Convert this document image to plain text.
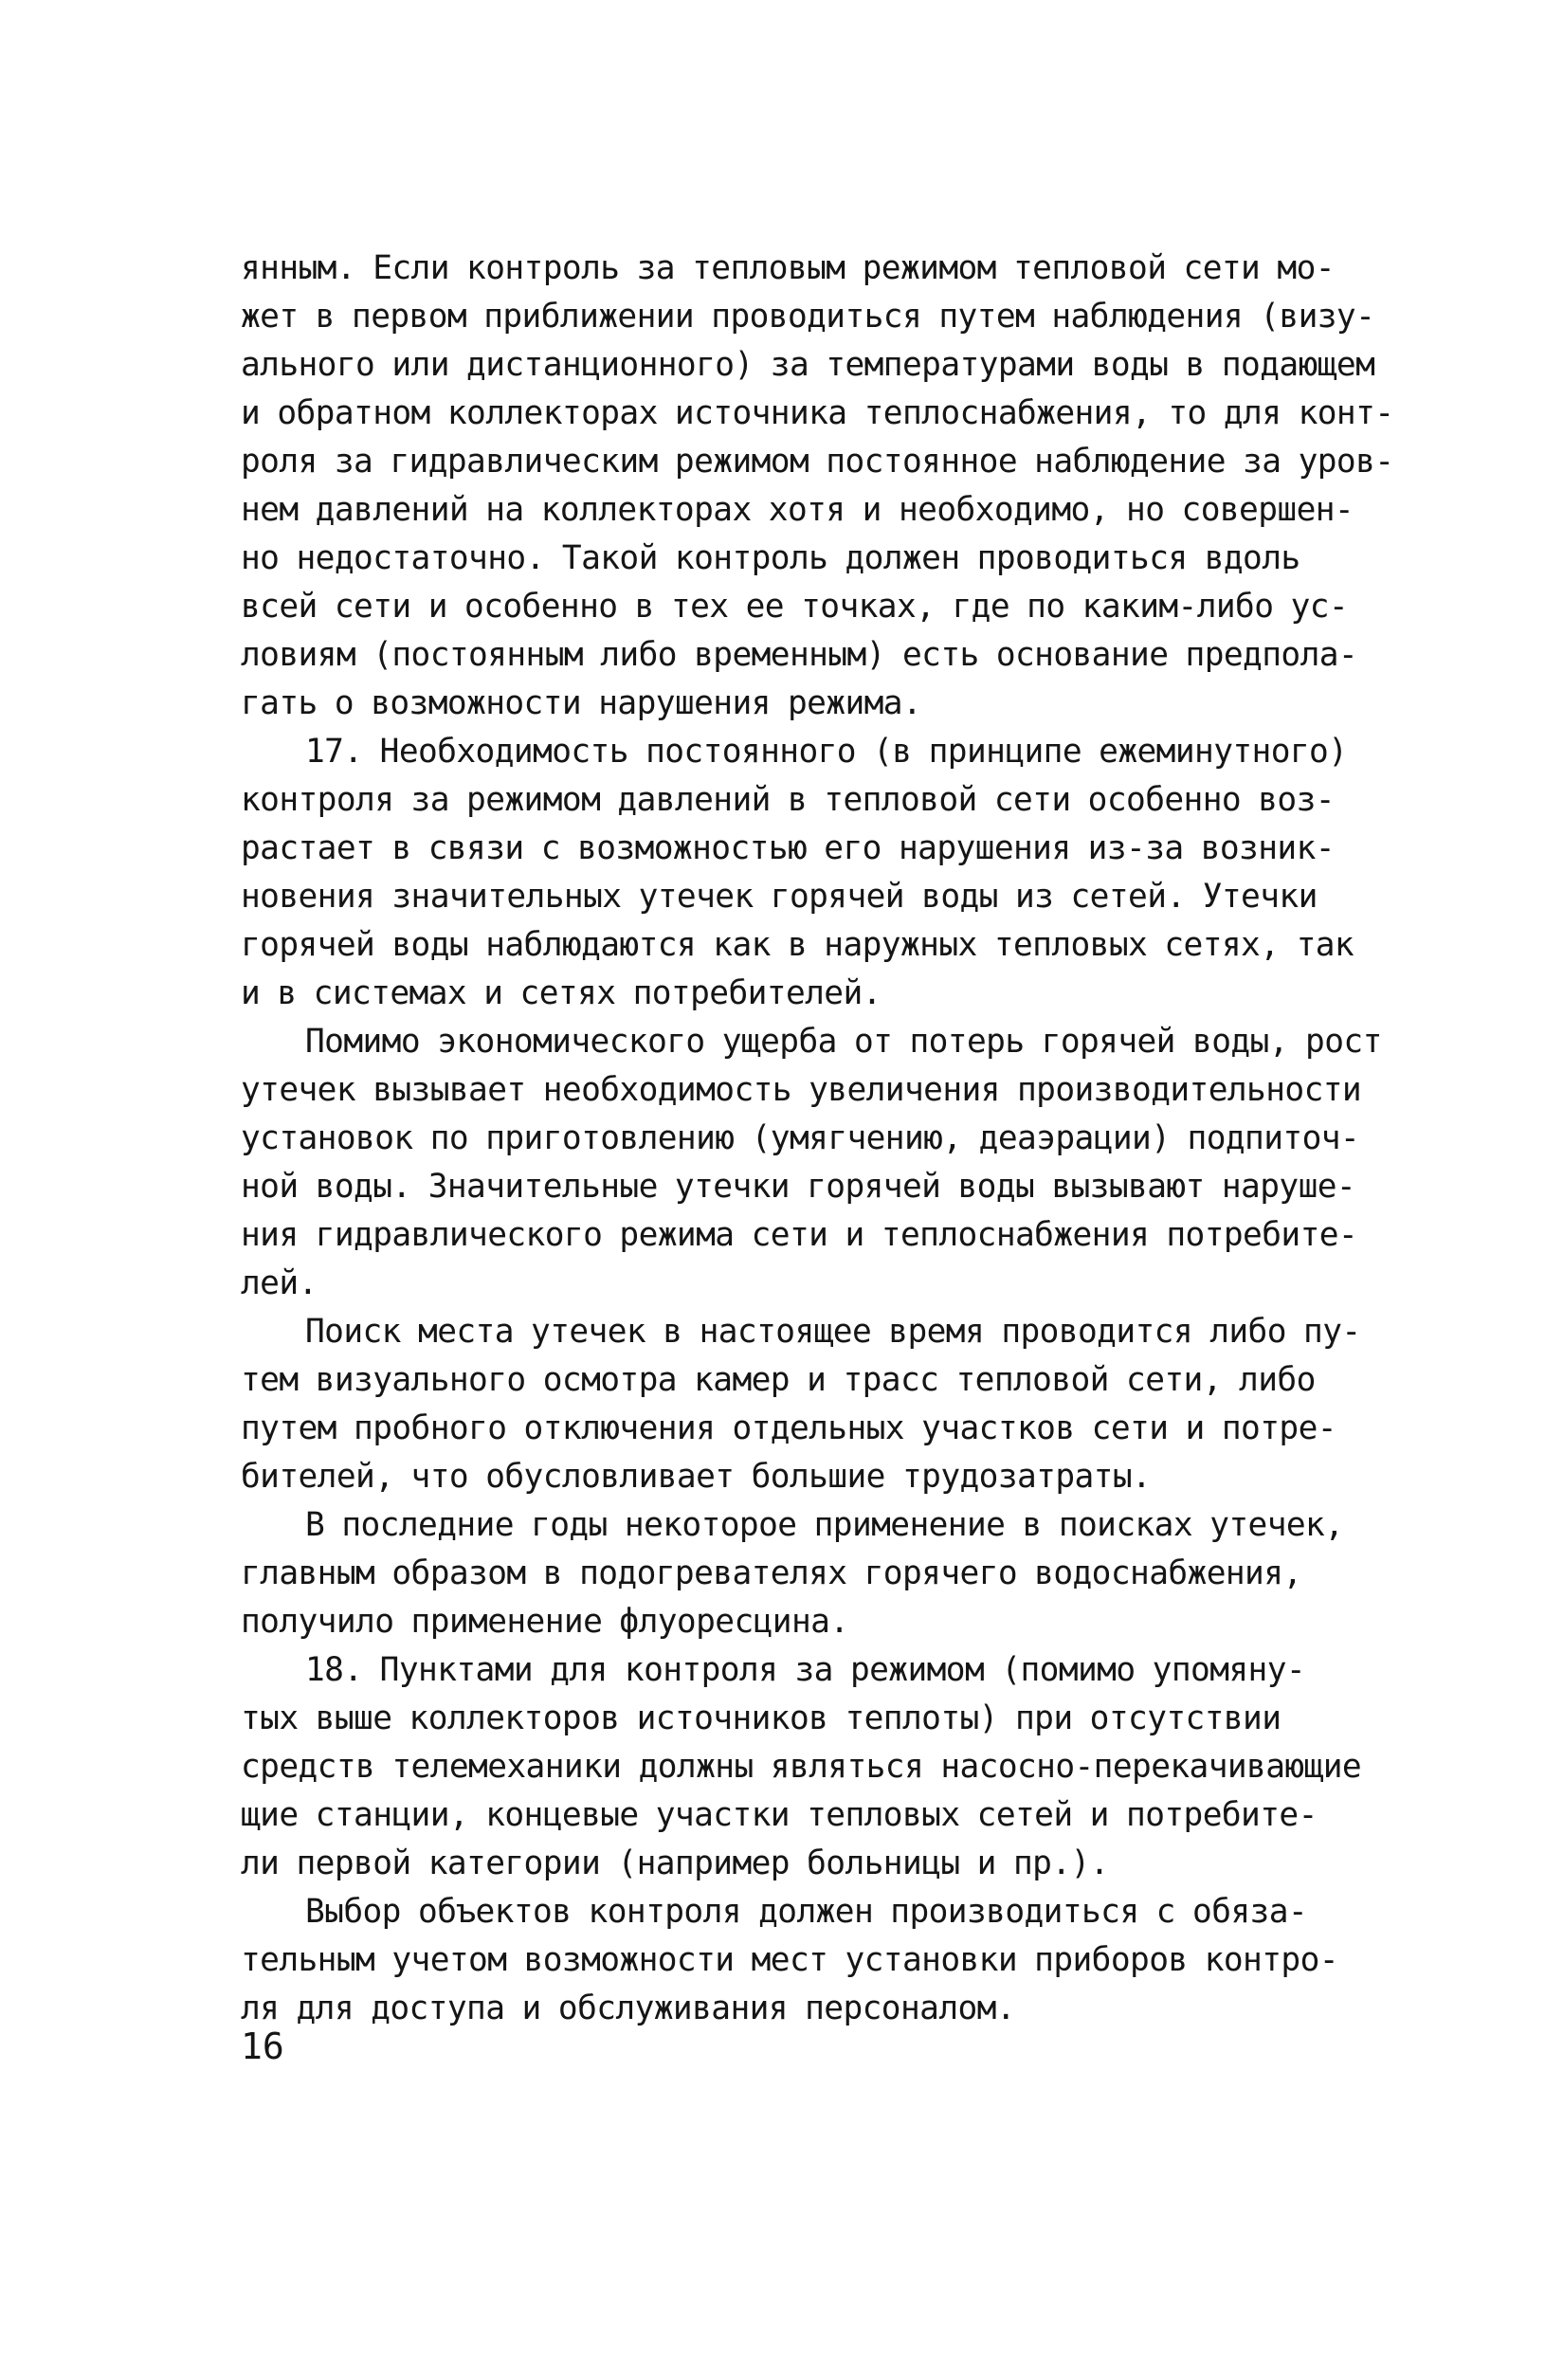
янным. Если контроль за тепловым режимом тепловой сети мо-
жет в первом приближении проводиться путем наблюдения (визу-
ального или дистанционного) за температурами воды в подающем
и обратном коллекторах источника теплоснабжения, то для конт-
роля за гидравлическим режимом постоянное наблюдение за уров-
нем давлений на коллекторах хотя и необходимо, но совершен-
но недостаточно. Такой контроль должен проводиться вдоль
всей сети и особенно в тех ее точках, где по каким-либо ус-
ловиям (постоянным либо временным) есть основание предпола-
гать о возможности нарушения режима.
17. Необходимость постоянного (в принципе ежеминутного)
контроля за режимом давлений в тепловой сети особенно воз-
растает в связи с возможностью его нарушения из-за возник-
новения значительных утечек горячей воды из сетей. Утечки
горячей воды наблюдаются как в наружных тепловых сетях, так
и в системах и сетях потребителей.
Помимо экономического ущерба от потерь горячей воды, рост
утечек вызывает необходимость увеличения производительности
установок по приготовлению (умягчению, деаэрации) подпиточ-
ной воды. Значительные утечки горячей воды вызывают наруше-
ния гидравлического режима сети и теплоснабжения потребите-
лей.
Поиск места утечек в настоящее время проводится либо пу-
тем визуального осмотра камер и трасс тепловой сети, либо
путем пробного отключения отдельных участков сети и потре-
бителей, что обусловливает большие трудозатраты.
В последние годы некоторое применение в поисках утечек,
главным образом в подогревателях горячего водоснабжения,
получило применение флуоресцина.
18. Пунктами для контроля за режимом (помимо упомяну-
тых выше коллекторов источников теплоты) при отсутствии
средств телемеханики должны являться насосно-перекачивающие
щие станции, концевые участки тепловых сетей и потребите-
ли первой категории (например больницы и пр.).
Выбор объектов контроля должен производиться с обяза-
тельным учетом возможности мест установки приборов контро-
ля для доступа и обслуживания персоналом.
16
